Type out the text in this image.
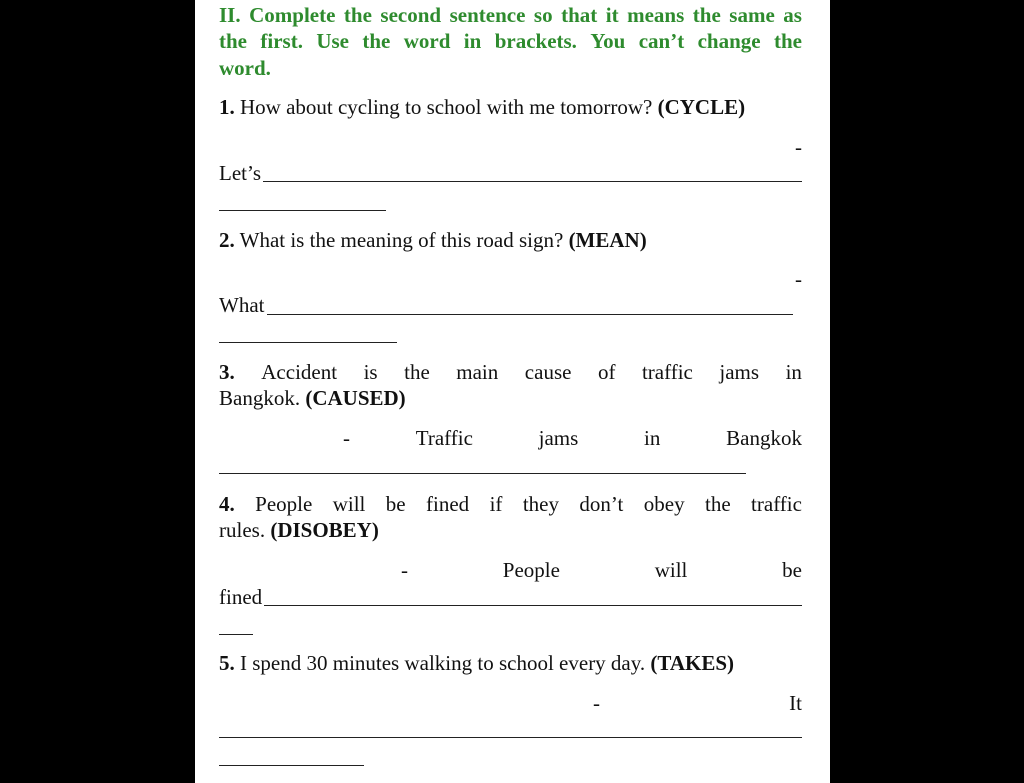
II. Complete the second sentence so that it means the same as
the first. Use the word in brackets. You can’t change the
word.
1. How about cycling to school with me tomorrow? (CYCLE)
-
Let’s
2. What is the meaning of this road sign? (MEAN)
-
What
3. Accident is the main cause of traffic jams in
Bangkok. (CAUSED)
-	Traffic	jams	in	Bangkok
4. People will be fined if they don’t obey the traffic
rules. (DISOBEY)
-	People	will	be
fined
5. I spend 30 minutes walking to school every day. (TAKES)
-	It
